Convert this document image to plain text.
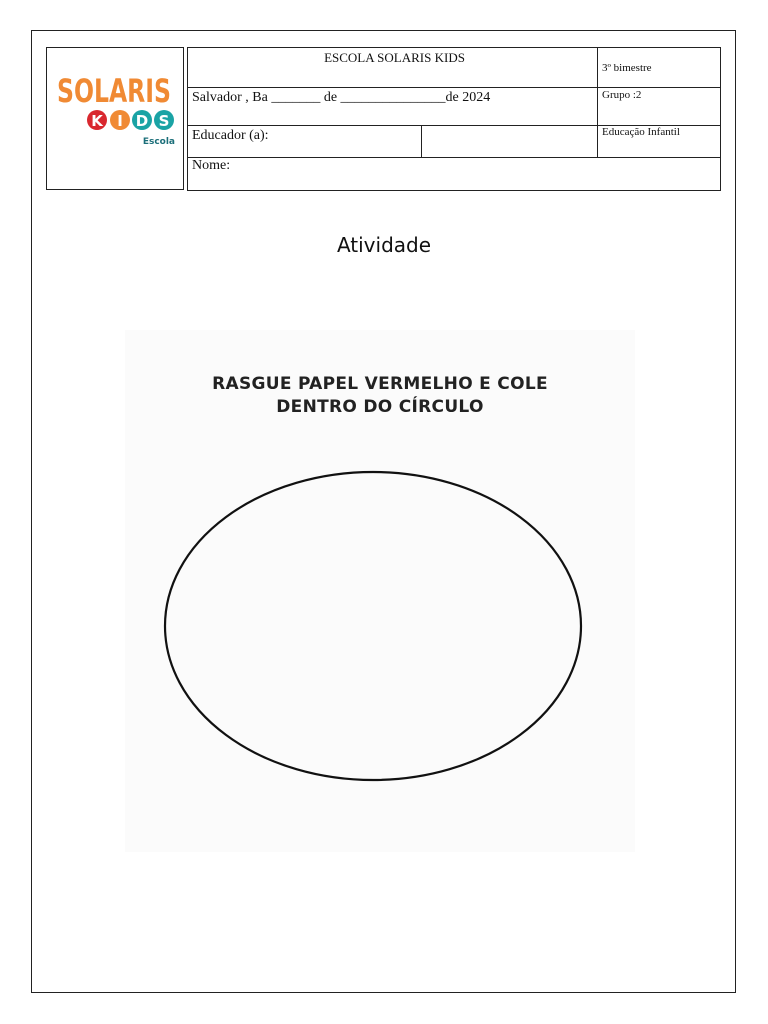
SOLARIS
K I D S
Escola
ESCOLA SOLARIS KIDS		3º bimestre
Salvador , Ba _______ de _______________de 2024		Grupo :2
Educador (a):		Educação Infantil
Nome:		
Atividade
RASGUE PAPEL VERMELHO E COLE
DENTRO DO CÍRCULO
